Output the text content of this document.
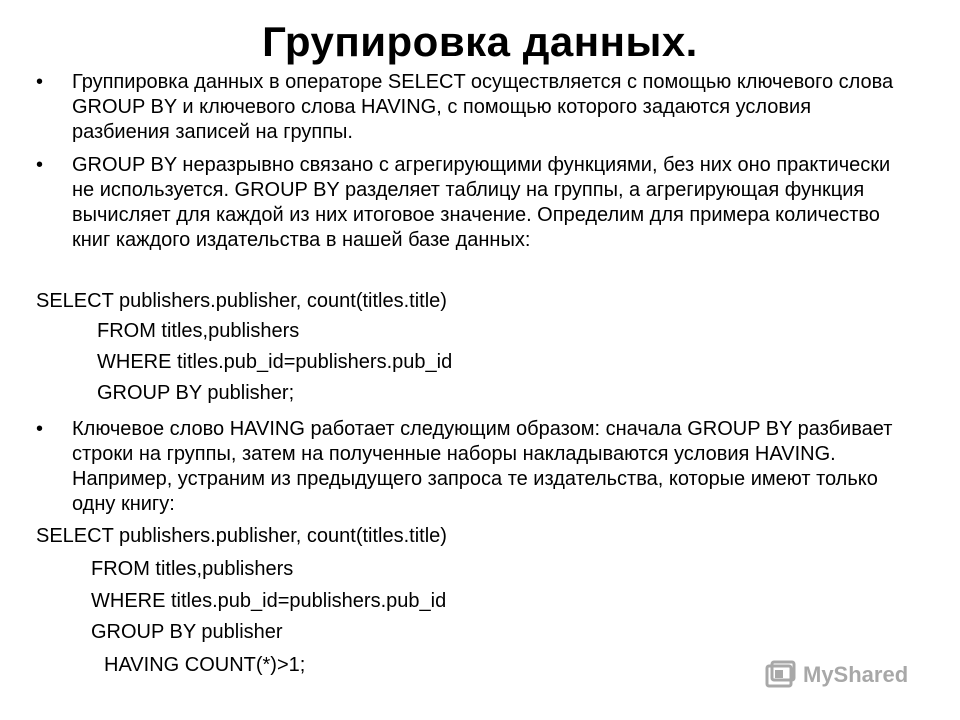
Групировка данных.
• Группировка данных в операторе SELECT осуществляется с помощью ключевого слова GROUP BY и ключевого слова HAVING, с помощью которого задаются условия разбиения записей на группы.
• GROUP BY неразрывно связано с агрегирующими функциями, без них оно практически не используется. GROUP BY разделяет таблицу на группы, а агрегирующая функция вычисляет для каждой из них итоговое значение. Определим для примера количество книг каждого издательства в нашей базе данных:
SELECT publishers.publisher, count(titles.title)
FROM titles,publishers
WHERE titles.pub_id=publishers.pub_id
GROUP BY publisher;
• Ключевое слово HAVING работает следующим образом: сначала GROUP BY разбивает строки на группы, затем на полученные наборы накладываются условия HAVING. Например, устраним из предыдущего запроса те издательства, которые имеют только одну книгу:
SELECT publishers.publisher, count(titles.title)
FROM titles,publishers
WHERE titles.pub_id=publishers.pub_id
GROUP BY publisher
HAVING COUNT(*)>1;	MyShared
